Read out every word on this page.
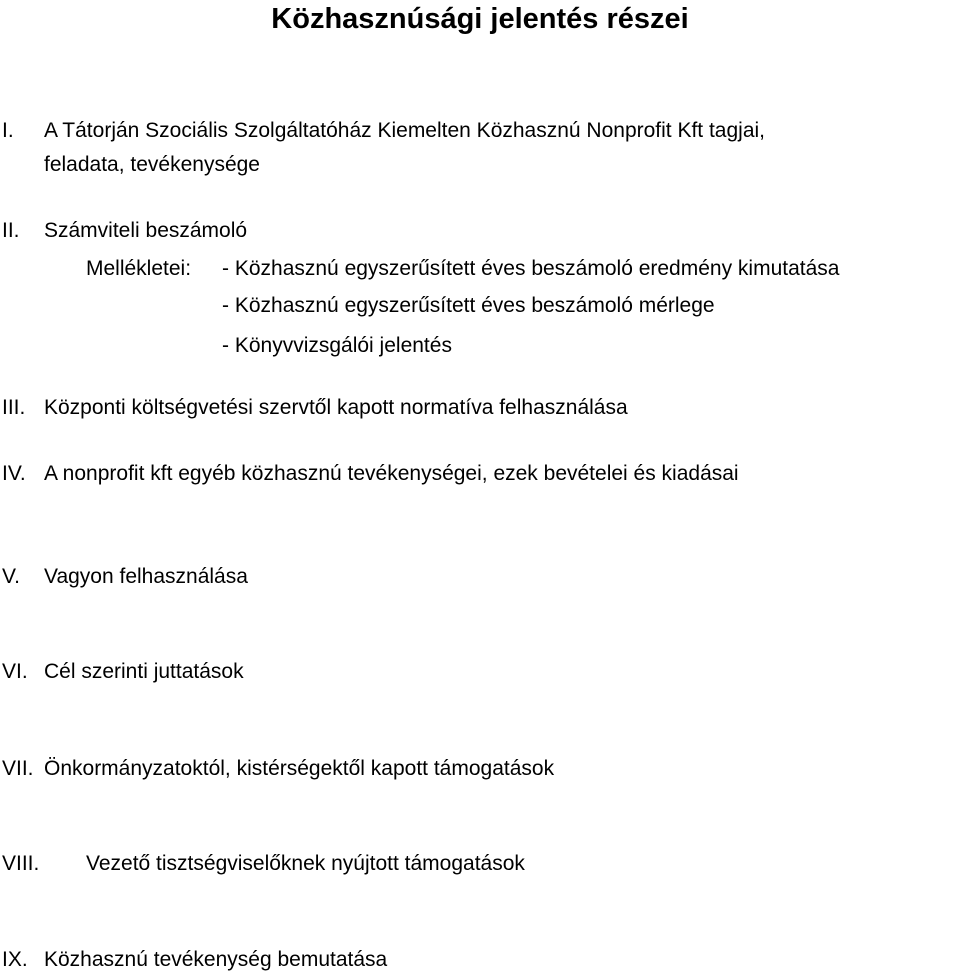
Közhasznúsági jelentés részei
I. A Tátorján Szociális Szolgáltatóház Kiemelten Közhasznú Nonprofit Kft tagjai,
feladata, tevékenysége
II. Számviteli beszámoló
Mellékletei: - Közhasznú egyszerűsített éves beszámoló eredmény kimutatása
- Közhasznú egyszerűsített éves beszámoló mérlege
- Könyvvizsgálói jelentés
III. Központi költségvetési szervtől kapott normatíva felhasználása
IV. A nonprofit kft egyéb közhasznú tevékenységei, ezek bevételei és kiadásai
V. Vagyon felhasználása
VI. Cél szerinti juttatások
VII. Önkormányzatoktól, kistérségektől kapott támogatások
VIII. Vezető tisztségviselőknek nyújtott támogatások
IX. Közhasznú tevékenység bemutatása
